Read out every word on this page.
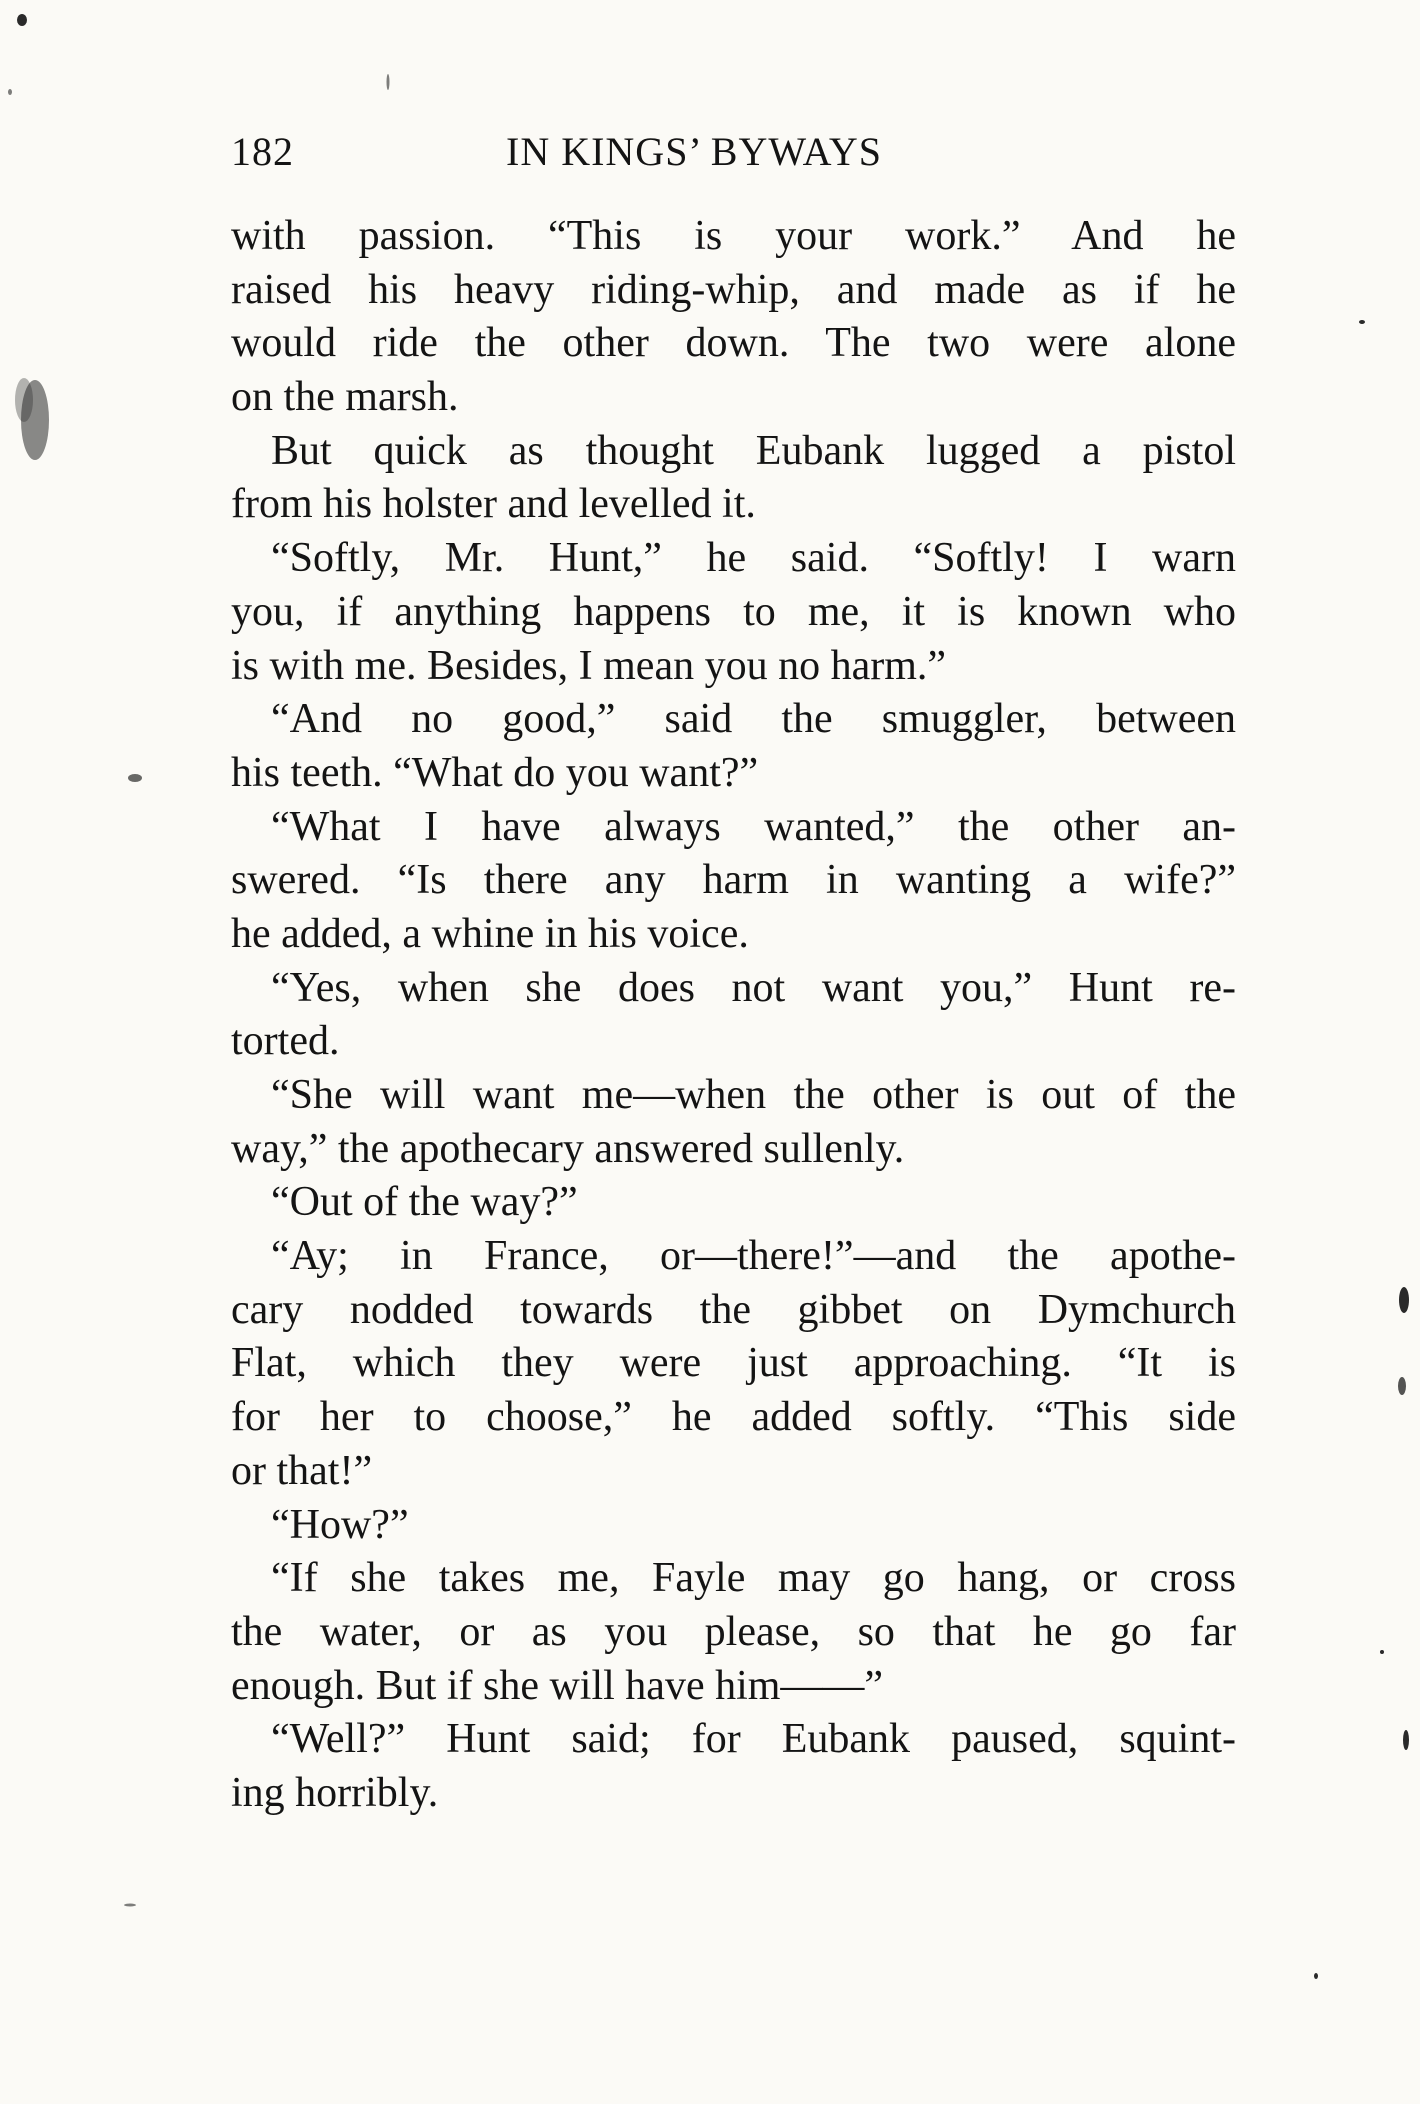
182	IN KINGS’ BYWAYS
with passion. “This is your work.” And he
raised his heavy riding-whip, and made as if he
would ride the other down. The two were alone
on the marsh.
But quick as thought Eubank lugged a pistol
from his holster and levelled it.
“Softly, Mr. Hunt,” he said. “Softly! I warn
you, if anything happens to me, it is known who
is with me. Besides, I mean you no harm.”
“And no good,” said the smuggler, between
his teeth. “What do you want?”
“What I have always wanted,” the other an-
swered. “Is there any harm in wanting a wife?”
he added, a whine in his voice.
“Yes, when she does not want you,” Hunt re-
torted.
“She will want me—when the other is out of the
way,” the apothecary answered sullenly.
“Out of the way?”
“Ay; in France, or—there!”—and the apothe-
cary nodded towards the gibbet on Dymchurch
Flat, which they were just approaching. “It is
for her to choose,” he added softly. “This side
or that!”
“How?”
“If she takes me, Fayle may go hang, or cross
the water, or as you please, so that he go far
enough. But if she will have him——”
“Well?” Hunt said; for Eubank paused, squint-
ing horribly.
